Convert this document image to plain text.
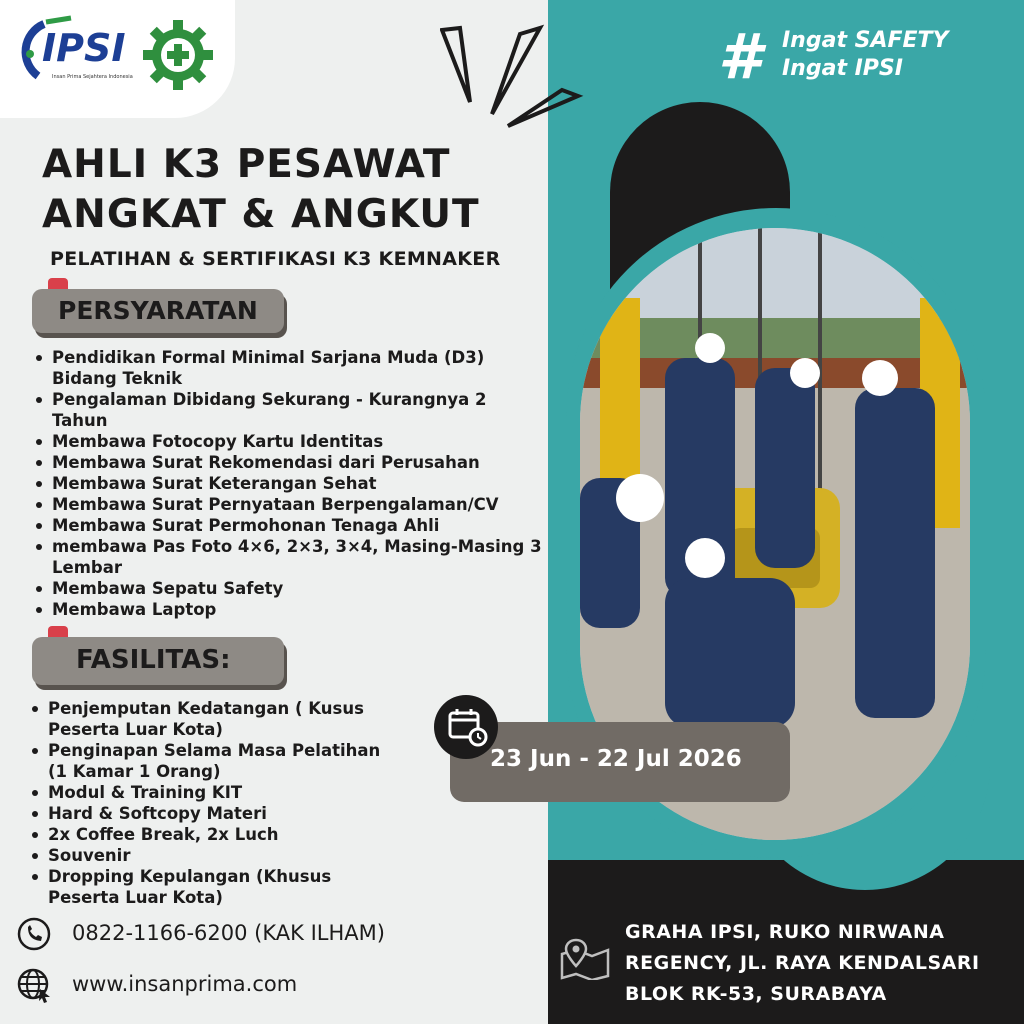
IPSI
Insan Prima Sejahtera Indonesia	# Ingat SAFETY
Ingat IPSI
AHLI K3 PESAWAT
ANGKAT & ANGKUT
PELATIHAN & SERTIFIKASI K3 KEMNAKER
PERSYARATAN
Pendidikan Formal Minimal Sarjana Muda (D3) Bidang Teknik
Pengalaman Dibidang Sekurang - Kurangnya 2 Tahun
Membawa Fotocopy Kartu Identitas
Membawa Surat Rekomendasi dari Perusahan
Membawa Surat Keterangan Sehat
Membawa Surat Pernyataan Berpengalaman/CV
Membawa Surat Permohonan Tenaga Ahli
membawa Pas Foto 4×6, 2×3, 3×4, Masing-Masing 3 Lembar
Membawa Sepatu Safety
Membawa Laptop
FASILITAS:
Penjemputan Kedatangan ( Kusus Peserta Luar Kota)
Penginapan Selama Masa Pelatihan (1 Kamar 1 Orang)
Modul & Training KIT
Hard & Softcopy Materi
2x Coffee Break, 2x Luch
Souvenir
Dropping Kepulangan (Khusus Peserta Luar Kota)
23 Jun - 22 Jul 2026
0822-1166-6200 (KAK ILHAM)
www.insanprima.com
GRAHA IPSI, RUKO NIRWANA
REGENCY, JL. RAYA KENDALSARI
BLOK RK-53, SURABAYA
